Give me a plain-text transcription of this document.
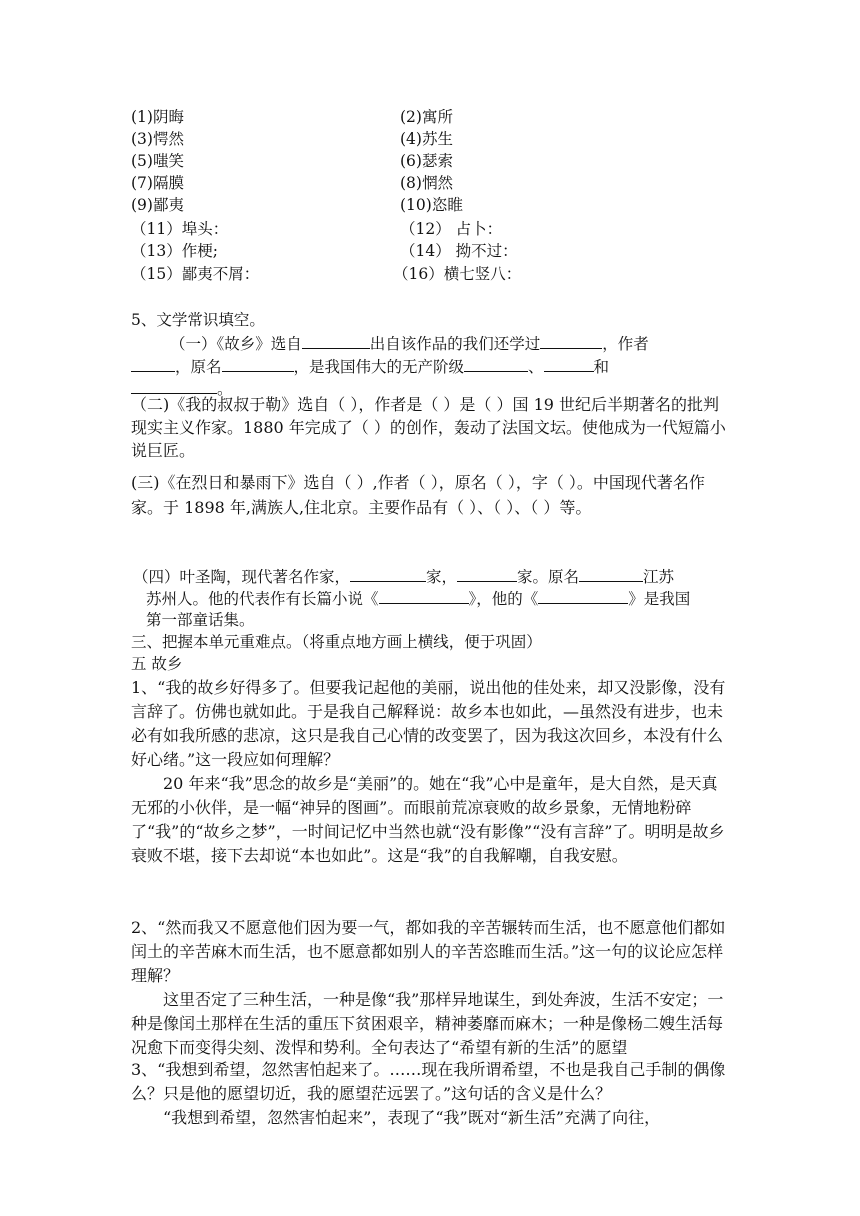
(1)阴晦	(2)寓所
(3)愕然	(4)苏生
(5)嗤笑	(6)瑟索
(7)隔膜	(8)惘然
(9)鄙夷	(10)恣睢
（11）埠头：	（12） 占卜：
（13）作梗;	（14） 拗不过：
（15）鄙夷不屑：	（16）横七竖八：
5、文学常识填空。
（一）《故乡》选自	出自该作品的我们还学过	，作者
，原名	，是我国伟大的无产阶级	、	和
。
（二)《我的叔叔于勒》选自（ ），作者是（ ）是（ ）国 19 世纪后半期著名的批判现实主义作家。1880 年完成了（ ）的创作，轰动了法国文坛。使他成为一代短篇小说巨匠。
(三)《在烈日和暴雨下》选自（ ）,作者（ ），原名（ ），字（ ）。中国现代著名作家。于 1898 年,满族人,住北京。主要作品有（ ）、（ ）、（ ）等。
（四）叶圣陶，现代著名作家，	家，	家。原名	江苏
苏州人。他的代表作有长篇小说《	》，他的《	》是我国
第一部童话集。
三、把握本单元重难点。（将重点地方画上横线，便于巩固）
五 故乡
1、“我的故乡好得多了。但要我记起他的美丽，说出他的佳处来，却又没影像，没有言辞了。仿佛也就如此。于是我自己解释说：故乡本也如此，—虽然没有进步，也未必有如我所感的悲凉，这只是我自己心情的改变罢了，因为我这次回乡，本没有什么好心绪。”这一段应如何理解？
20 年来“我”思念的故乡是“美丽”的。她在“我”心中是童年，是大自然，是天真无邪的小伙伴，是一幅“神异的图画”。而眼前荒凉衰败的故乡景象，无情地粉碎了“我”的“故乡之梦”，一时间记忆中当然也就“没有影像”“没有言辞”了。明明是故乡衰败不堪，接下去却说“本也如此”。这是“我”的自我解嘲，自我安慰。
2、“然而我又不愿意他们因为要一气，都如我的辛苦辗转而生活，也不愿意他们都如闰土的辛苦麻木而生活，也不愿意都如别人的辛苦恣睢而生活。”这一句的议论应怎样理解？
这里否定了三种生活，一种是像“我”那样异地谋生，到处奔波，生活不安定；一种是像闰土那样在生活的重压下贫困艰辛，精神萎靡而麻木；一种是像杨二嫂生活每况愈下而变得尖刻、泼悍和势利。全句表达了“希望有新的生活”的愿望
3、“我想到希望，忽然害怕起来了。……现在我所谓希望，不也是我自己手制的偶像么？只是他的愿望切近，我的愿望茫远罢了。”这句话的含义是什么？
“我想到希望，忽然害怕起来”，表现了“我”既对“新生活”充满了向往，
